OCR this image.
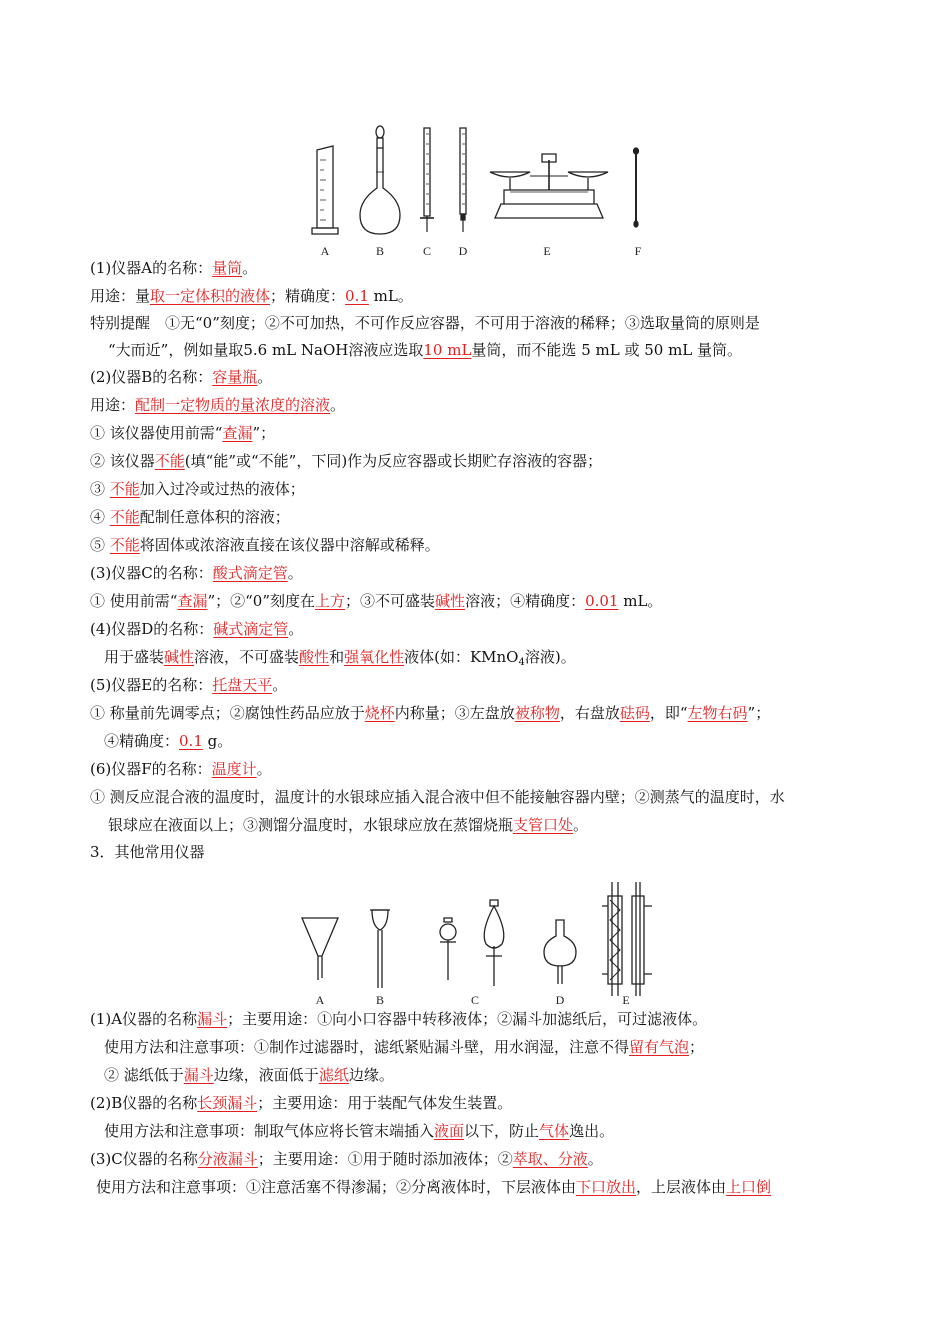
A	B	C D	E	F
A	B	C	D	E
(1)仪器A的名称：量筒。
用途：量取一定体积的液体；精确度：0.1 mL。
特别提醒　①无“0”刻度；②不可加热，不可作反应容器，不可用于溶液的稀释；③选取量筒的原则是
“大而近”，例如量取5.6 mL NaOH溶液应选取10 mL量筒，而不能选 5 mL 或 50 mL 量筒。
(2)仪器B的名称：容量瓶。
用途：配制一定物质的量浓度的溶液。
① 该仪器使用前需“查漏”；
② 该仪器不能(填“能”或“不能”，下同)作为反应容器或长期贮存溶液的容器；
③ 不能加入过冷或过热的液体；
④ 不能配制任意体积的溶液；
⑤ 不能将固体或浓溶液直接在该仪器中溶解或稀释。
(3)仪器C的名称：酸式滴定管。
① 使用前需“查漏”；②“0”刻度在上方；③不可盛装碱性溶液；④精确度：0.01 mL。
(4)仪器D的名称：碱式滴定管。
用于盛装碱性溶液，不可盛装酸性和强氧化性液体(如：KMnO$_4$溶液)。
(5)仪器E的名称：托盘天平。
① 称量前先调零点；②腐蚀性药品应放于烧杯内称量；③左盘放被称物，右盘放砝码，即“左物右码”；
④精确度：0.1 g。
(6)仪器F的名称：温度计。
① 测反应混合液的温度时，温度计的水银球应插入混合液中但不能接触容器内壁；②测蒸气的温度时，水
银球应在液面以上；③测馏分温度时，水银球应放在蒸馏烧瓶支管口处。
3．其他常用仪器
(1)A仪器的名称漏斗；主要用途：①向小口容器中转移液体；②漏斗加滤纸后，可过滤液体。
使用方法和注意事项：①制作过滤器时，滤纸紧贴漏斗壁，用水润湿，注意不得留有气泡；
② 滤纸低于漏斗边缘，液面低于滤纸边缘。
(2)B仪器的名称长颈漏斗；主要用途：用于装配气体发生装置。
使用方法和注意事项：制取气体应将长管末端插入液面以下，防止气体逸出。
(3)C仪器的名称分液漏斗；主要用途：①用于随时添加液体；②萃取、分液。
使用方法和注意事项：①注意活塞不得渗漏；②分离液体时，下层液体由下口放出，上层液体由上口倒
